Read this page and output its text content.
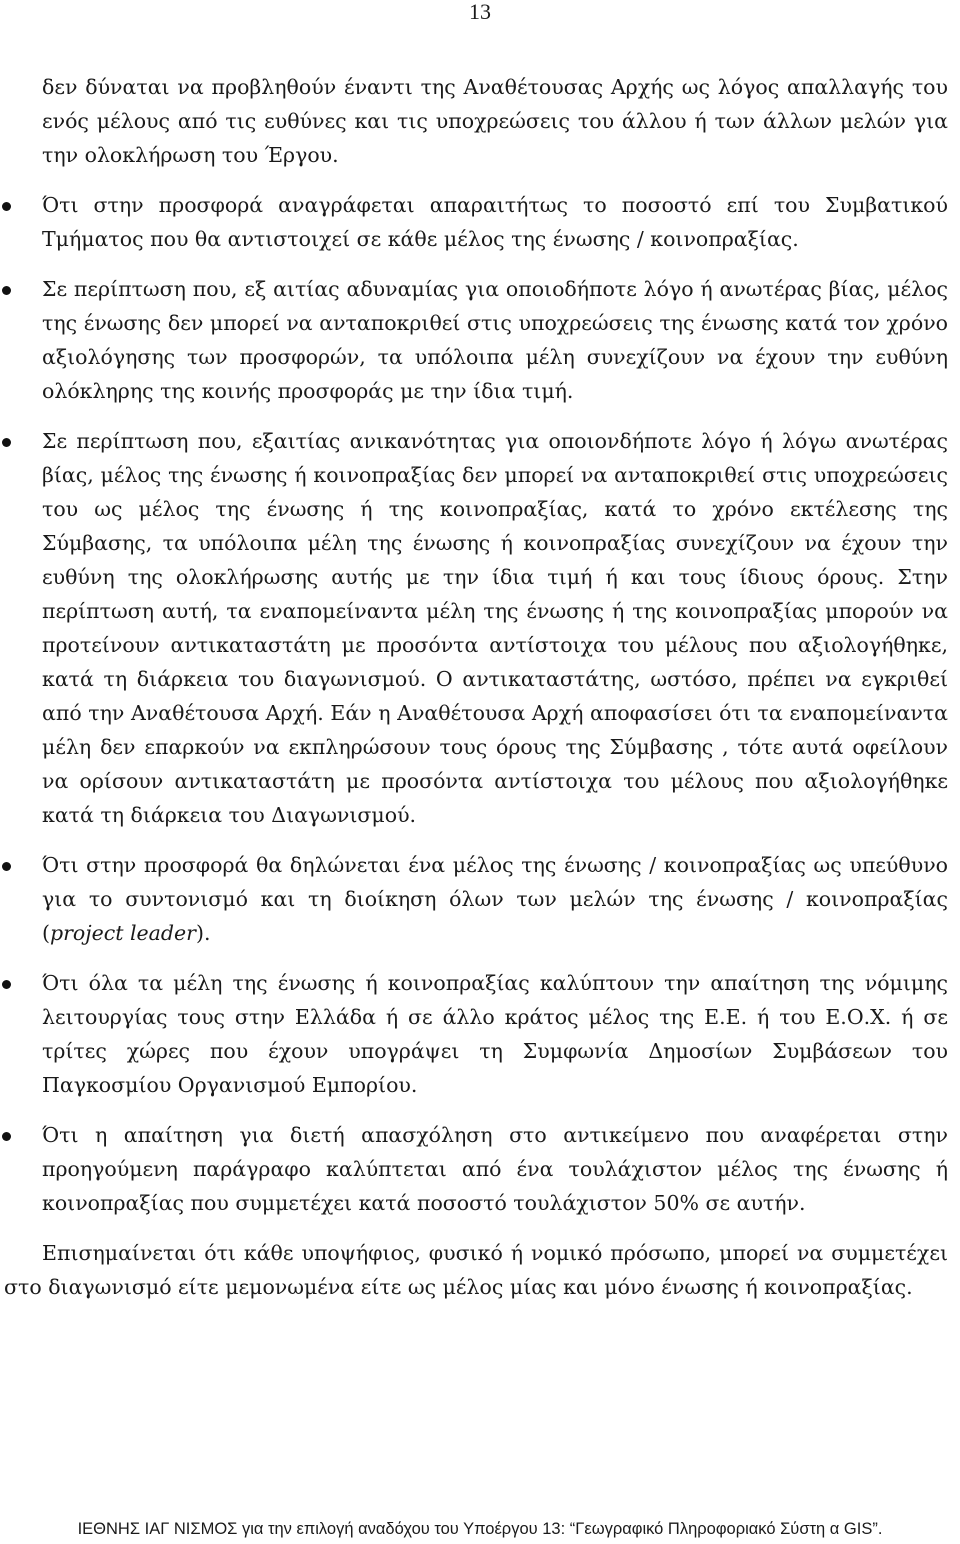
13

δεν δύναται να προβληθούν έναντι της Αναθέτουσας Αρχής ως λόγος απαλλαγής του ενός μέλους από τις ευθύνες και τις υποχρεώσεις του άλλου ή των άλλων μελών για την ολοκλήρωση του Έργου.

Ότι στην προσφορά αναγράφεται απαραιτήτως το ποσοστό επί του Συμβατικού Τμήματος που θα αντιστοιχεί σε κάθε μέλος της ένωσης / κοινοπραξίας.

Σε περίπτωση που, εξ αιτίας αδυναμίας για οποιοδήποτε λόγο ή ανωτέρας βίας, μέλος της ένωσης δεν μπορεί να ανταποκριθεί στις υποχρεώσεις της ένωσης κατά τον χρόνο αξιολόγησης των προσφορών, τα υπόλοιπα μέλη συνεχίζουν να έχουν την ευθύνη ολόκληρης της κοινής προσφοράς με την ίδια τιμή.

Σε περίπτωση που, εξαιτίας ανικανότητας για οποιονδήποτε λόγο ή λόγω ανωτέρας βίας, μέλος της ένωσης ή κοινοπραξίας δεν μπορεί να ανταποκριθεί στις υποχρεώσεις του ως μέλος της ένωσης ή της κοινοπραξίας, κατά το χρόνο εκτέλεσης της Σύμβασης, τα υπόλοιπα μέλη της ένωσης ή κοινοπραξίας συνεχίζουν να έχουν την ευθύνη της ολοκλήρωσης αυτής με την ίδια τιμή ή και τους ίδιους όρους. Στην περίπτωση αυτή, τα εναπομείναντα μέλη της ένωσης ή της κοινοπραξίας μπορούν να προτείνουν αντικαταστάτη με προσόντα αντίστοιχα του μέλους που αξιολογήθηκε, κατά τη διάρκεια του διαγωνισμού. Ο αντικαταστάτης, ωστόσο, πρέπει να εγκριθεί από την Αναθέτουσα Αρχή. Εάν η Αναθέτουσα Αρχή αποφασίσει ότι τα εναπομείναντα μέλη δεν επαρκούν να εκπληρώσουν τους όρους της Σύμβασης , τότε αυτά οφείλουν να ορίσουν αντικαταστάτη με προσόντα αντίστοιχα του μέλους που αξιολογήθηκε κατά τη διάρκεια του Διαγωνισμού.

Ότι στην προσφορά θα δηλώνεται ένα μέλος της ένωσης / κοινοπραξίας ως υπεύθυνο για το συντονισμό και τη διοίκηση όλων των μελών της ένωσης / κοινοπραξίας (project leader).

Ότι όλα τα μέλη της ένωσης ή κοινοπραξίας καλύπτουν την απαίτηση της νόμιμης λειτουργίας τους στην Ελλάδα ή σε άλλο κράτος μέλος της Ε.Ε. ή του Ε.Ο.Χ. ή σε τρίτες χώρες που έχουν υπογράψει τη Συμφωνία Δημοσίων Συμβάσεων του Παγκοσμίου Οργανισμού Εμπορίου.

Ότι η απαίτηση για διετή απασχόληση στο αντικείμενο που αναφέρεται στην προηγούμενη παράγραφο καλύπτεται από ένα τουλάχιστον μέλος της ένωσης ή κοινοπραξίας που συμμετέχει κατά ποσοστό τουλάχιστον 50% σε αυτήν.

Επισημαίνεται ότι κάθε υποψήφιος, φυσικό ή νομικό πρόσωπο, μπορεί να συμμετέχει στο διαγωνισμό είτε μεμονωμένα είτε ως μέλος μίας και μόνο ένωσης ή κοινοπραξίας.

ΙΕΘΝΗΣ ΙΑΓ ΝΙΣΜΟΣ για την επιλογή αναδόχου του Υποέργου 13: “Γεωγραφικό Πληροφοριακό Σύστη α GIS”.
